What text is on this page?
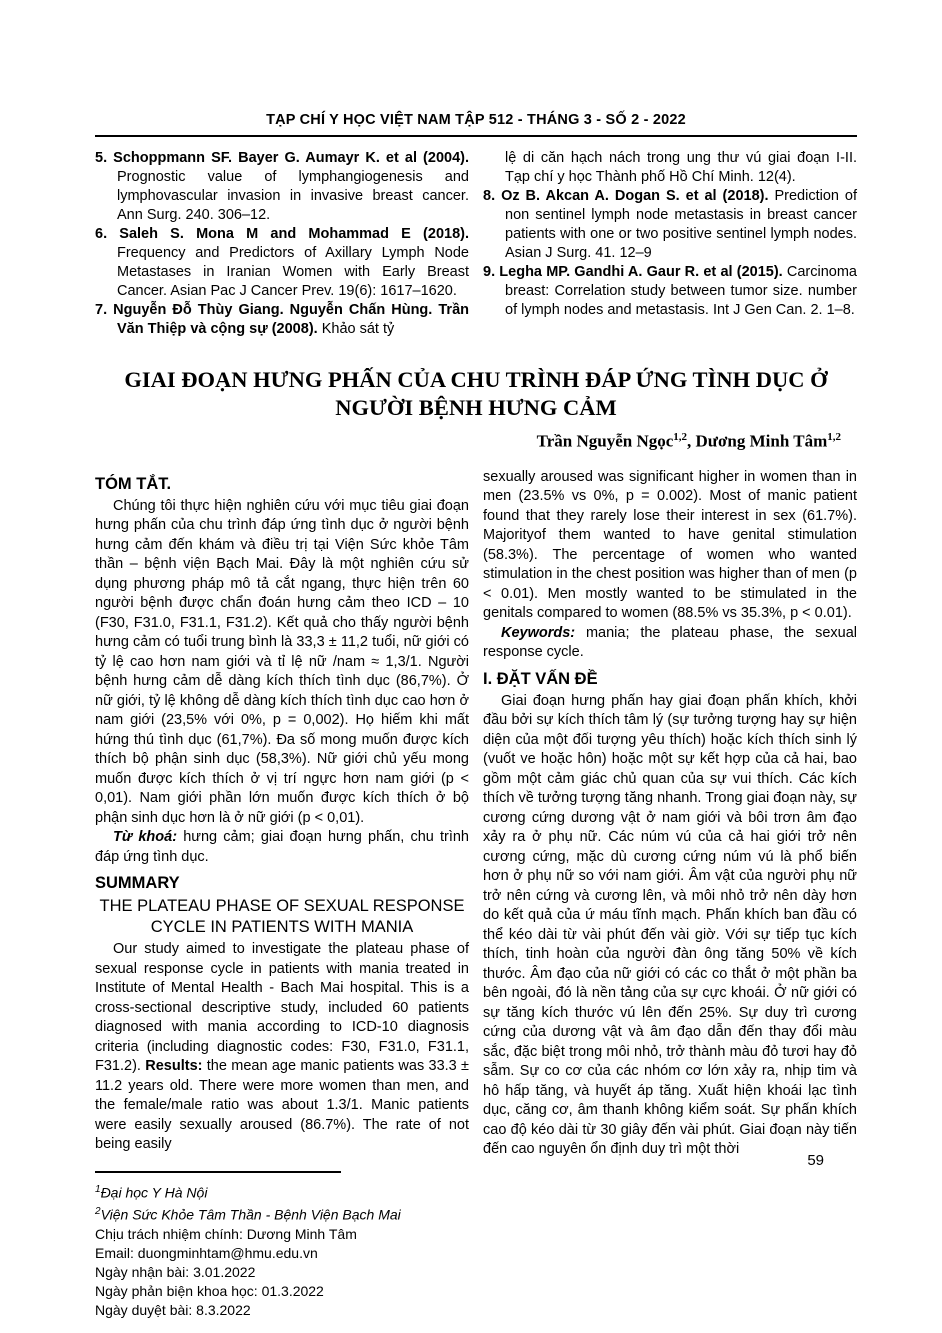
TẠP CHÍ Y HỌC VIỆT NAM TẬP 512 - THÁNG 3 - SỐ 2 - 2022
5. Schoppmann SF. Bayer G. Aumayr K. et al (2004). Prognostic value of lymphangiogenesis and lymphovascular invasion in invasive breast cancer. Ann Surg. 240. 306–12.
6. Saleh S. Mona M and Mohammad E (2018). Frequency and Predictors of Axillary Lymph Node Metastases in Iranian Women with Early Breast Cancer. Asian Pac J Cancer Prev. 19(6): 1617–1620.
7. Nguyễn Đỗ Thùy Giang. Nguyễn Chấn Hùng. Trần Văn Thiệp và cộng sự (2008). Khảo sát tỷ
lệ di căn hạch nách trong ung thư vú giai đoạn I-II. Tạp chí y học Thành phố Hồ Chí Minh. 12(4).
8. Oz B. Akcan A. Dogan S. et al (2018). Prediction of non sentinel lymph node metastasis in breast cancer patients with one or two positive sentinel lymph nodes. Asian J Surg. 41. 12–9
9. Legha MP. Gandhi A. Gaur R. et al (2015). Carcinoma breast: Correlation study between tumor size. number of lymph nodes and metastasis. Int J Gen Can. 2. 1–8.
GIAI ĐOẠN HƯNG PHẤN CỦA CHU TRÌNH ĐÁP ỨNG TÌNH DỤC Ở
NGƯỜI BỆNH HƯNG CẢM
Trần Nguyễn Ngọc$^{1,2}$, Dương Minh Tâm$^{1,2}$
TÓM TẮT.
Chúng tôi thực hiện nghiên cứu với mục tiêu giai đoạn hưng phấn của chu trình đáp ứng tình dục ở người bệnh hưng cảm đến khám và điều trị tại Viện Sức khỏe Tâm thần – bệnh viện Bạch Mai. Đây là một nghiên cứu sử dụng phương pháp mô tả cắt ngang, thực hiện trên 60 người bệnh được chẩn đoán hưng cảm theo ICD – 10 (F30, F31.0, F31.1, F31.2). Kết quả cho thấy người bệnh hưng cảm có tuổi trung bình là 33,3 ± 11,2 tuổi, nữ giới có tỷ lệ cao hơn nam giới và tỉ lệ nữ /nam ≈ 1,3/1. Người bệnh hưng cảm dễ dàng kích thích tình dục (86,7%). Ở nữ giới, tỷ lệ không dễ dàng kích thích tình dục cao hơn ở nam giới (23,5% với 0%, p = 0,002). Họ hiếm khi mất hứng thú tình dục (61,7%). Đa số mong muốn được kích thích bộ phận sinh dục (58,3%). Nữ giới chủ yếu mong muốn được kích thích ở vị trí ngực hơn nam giới (p < 0,01). Nam giới phần lớn muốn được kích thích ở bộ phận sinh dục hơn là ở nữ giới (p < 0,01).
Từ khoá: hưng cảm; giai đoạn hưng phấn, chu trình đáp ứng tình dục.
SUMMARY
THE PLATEAU PHASE OF SEXUAL RESPONSE CYCLE IN PATIENTS WITH MANIA
Our study aimed to investigate the plateau phase of sexual response cycle in patients with mania treated in Institute of Mental Health - Bach Mai hospital. This is a cross-sectional descriptive study, included 60 patients diagnosed with mania according to ICD-10 diagnosis criteria (including diagnostic codes: F30, F31.0, F31.1, F31.2). Results: the mean age manic patients was 33.3 ± 11.2 years old. There were more women than men, and the female/male ratio was about 1.3/1. Manic patients were easily sexually aroused (86.7%). The rate of not being easily
$^1$Đại học Y Hà Nội
$^2$Viện Sức Khỏe Tâm Thần - Bệnh Viện Bạch Mai
Chịu trách nhiệm chính: Dương Minh Tâm
Email: duongminhtam@hmu.edu.vn
Ngày nhận bài: 3.01.2022
Ngày phản biện khoa học: 01.3.2022
Ngày duyệt bài: 8.3.2022
sexually aroused was significant higher in women than in men (23.5% vs 0%, p = 0.002). Most of manic patient found that they rarely lose their interest in sex (61.7%). Majorityof them wanted to have genital stimulation (58.3%). The percentage of women who wanted stimulation in the chest position was higher than of men (p < 0.01). Men mostly wanted to be stimulated in the genitals compared to women (88.5% vs 35.3%, p < 0.01).
Keywords: mania; the plateau phase, the sexual response cycle.
I. ĐẶT VẤN ĐỀ
Giai đoạn hưng phấn hay giai đoạn phấn khích, khởi đầu bởi sự kích thích tâm lý (sự tưởng tượng hay sự hiện diện của một đối tượng yêu thích) hoặc kích thích sinh lý (vuốt ve hoặc hôn) hoặc một sự kết hợp của cả hai, bao gồm một cảm giác chủ quan của sự vui thích. Các kích thích về tưởng tượng tăng nhanh. Trong giai đoạn này, sự cương cứng dương vật ở nam giới và bôi trơn âm đạo xảy ra ở phụ nữ. Các núm vú của cả hai giới trở nên cương cứng, mặc dù cương cứng núm vú là phổ biến hơn ở phụ nữ so với nam giới. Âm vật của người phụ nữ trở nên cứng và cương lên, và môi nhỏ trở nên dày hơn do kết quả của ứ máu tĩnh mạch. Phấn khích ban đầu có thể kéo dài từ vài phút đến vài giờ. Với sự tiếp tục kích thích, tinh hoàn của người đàn ông tăng 50% về kích thước. Âm đạo của nữ giới có các co thắt ở một phần ba bên ngoài, đó là nền tảng của sự cực khoái. Ở nữ giới có sự tăng kích thước vú lên đến 25%. Sự duy trì cương cứng của dương vật và âm đạo dẫn đến thay đổi màu sắc, đặc biệt trong môi nhỏ, trở thành màu đỏ tươi hay đỏ sẫm. Sự co cơ của các nhóm cơ lớn xảy ra, nhịp tim và hô hấp tăng, và huyết áp tăng. Xuất hiện khoái lạc tình dục, căng cơ, âm thanh không kiểm soát. Sự phấn khích cao độ kéo dài từ 30 giây đến vài phút. Giai đoạn này tiến đến cao nguyên ổn định duy trì một thời
59
